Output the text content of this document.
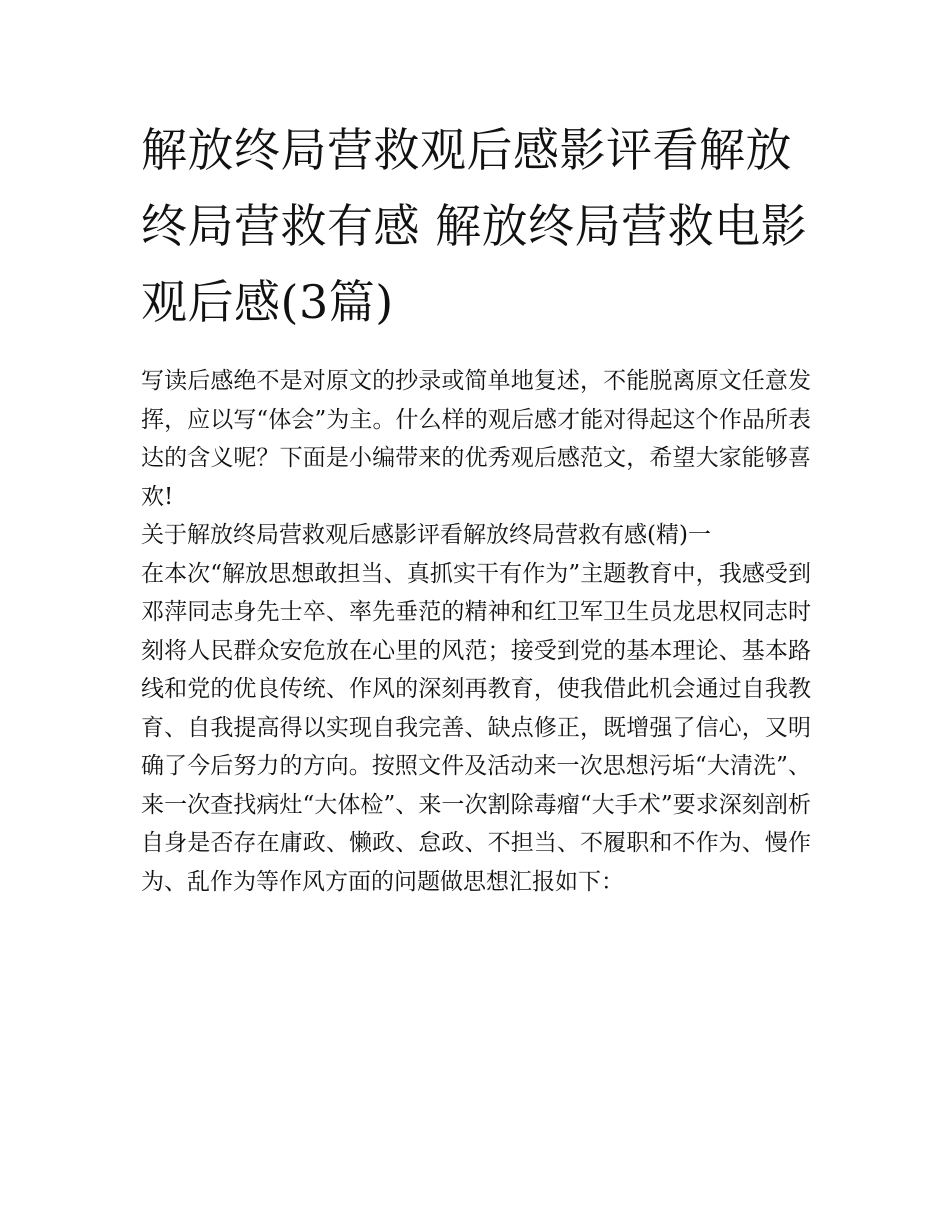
解放终局营救观后感影评看解放终局营救有感 解放终局营救电影观后感(3篇)

写读后感绝不是对原文的抄录或简单地复述，不能脱离原文任意发挥，应以写“体会”为主。什么样的观后感才能对得起这个作品所表达的含义呢？下面是小编带来的优秀观后感范文，希望大家能够喜欢!

关于解放终局营救观后感影评看解放终局营救有感(精)一

在本次“解放思想敢担当、真抓实干有作为”主题教育中，我感受到邓萍同志身先士卒、率先垂范的精神和红卫军卫生员龙思权同志时刻将人民群众安危放在心里的风范；接受到党的基本理论、基本路线和党的优良传统、作风的深刻再教育，使我借此机会通过自我教育、自我提高得以实现自我完善、缺点修正，既增强了信心，又明确了今后努力的方向。按照文件及活动来一次思想污垢“大清洗”、来一次查找病灶“大体检”、来一次割除毒瘤“大手术”要求深刻剖析自身是否存在庸政、懒政、怠政、不担当、不履职和不作为、慢作为、乱作为等作风方面的问题做思想汇报如下：
